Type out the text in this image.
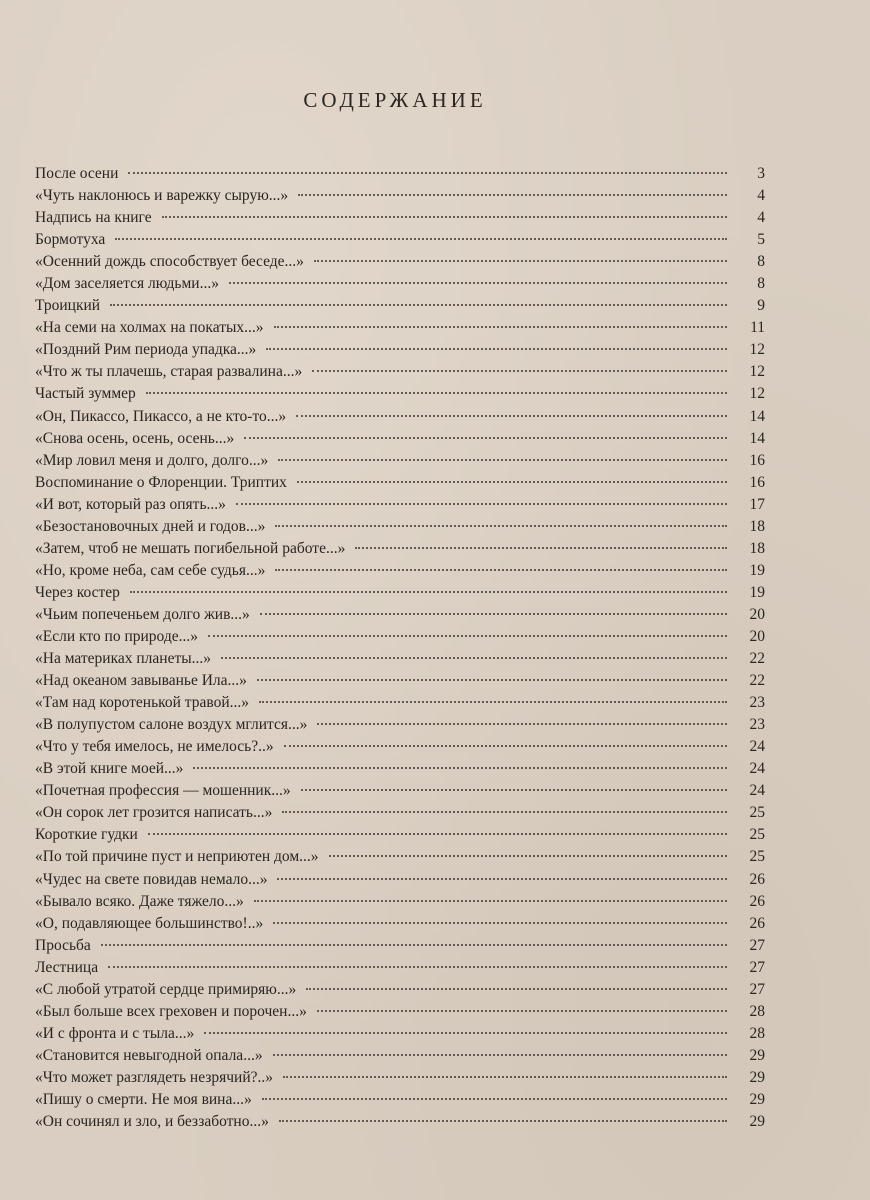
СОДЕРЖАНИЕ
После осени	3
«Чуть наклонюсь и варежку сырую...»	4
Надпись на книге	4
Бормотуха	5
«Осенний дождь способствует беседе...»	8
«Дом заселяется людьми...»	8
Троицкий	9
«На семи на холмах на покатых...»	11
«Поздний Рим периода упадка...»	12
«Что ж ты плачешь, старая развалина...»	12
Частый зуммер	12
«Он, Пикассо, Пикассо, а не кто-то...»	14
«Снова осень, осень, осень...»	14
«Мир ловил меня и долго, долго...»	16
Воспоминание о Флоренции. Триптих	16
«И вот, который раз опять...»	17
«Безостановочных дней и годов...»	18
«Затем, чтоб не мешать погибельной работе...»	18
«Но, кроме неба, сам себе судья...»	19
Через костер	19
«Чьим попеченьем долго жив...»	20
«Если кто по природе...»	20
«На материках планеты...»	22
«Над океаном завыванье Ила...»	22
«Там над коротенькой травой...»	23
«В полупустом салоне воздух мглится...»	23
«Что у тебя имелось, не имелось?..»	24
«В этой книге моей...»	24
«Почетная профессия — мошенник...»	24
«Он сорок лет грозится написать...»	25
Короткие гудки	25
«По той причине пуст и неприютен дом...»	25
«Чудес на свете повидав немало...»	26
«Бывало всяко. Даже тяжело...»	26
«О, подавляющее большинство!..»	26
Просьба	27
Лестница	27
«С любой утратой сердце примиряю...»	27
«Был больше всех греховен и порочен...»	28
«И с фронта и с тыла...»	28
«Становится невыгодной опала...»	29
«Что может разглядеть незрячий?..»	29
«Пишу о смерти. Не моя вина...»	29
«Он сочинял и зло, и беззаботно...»	29
